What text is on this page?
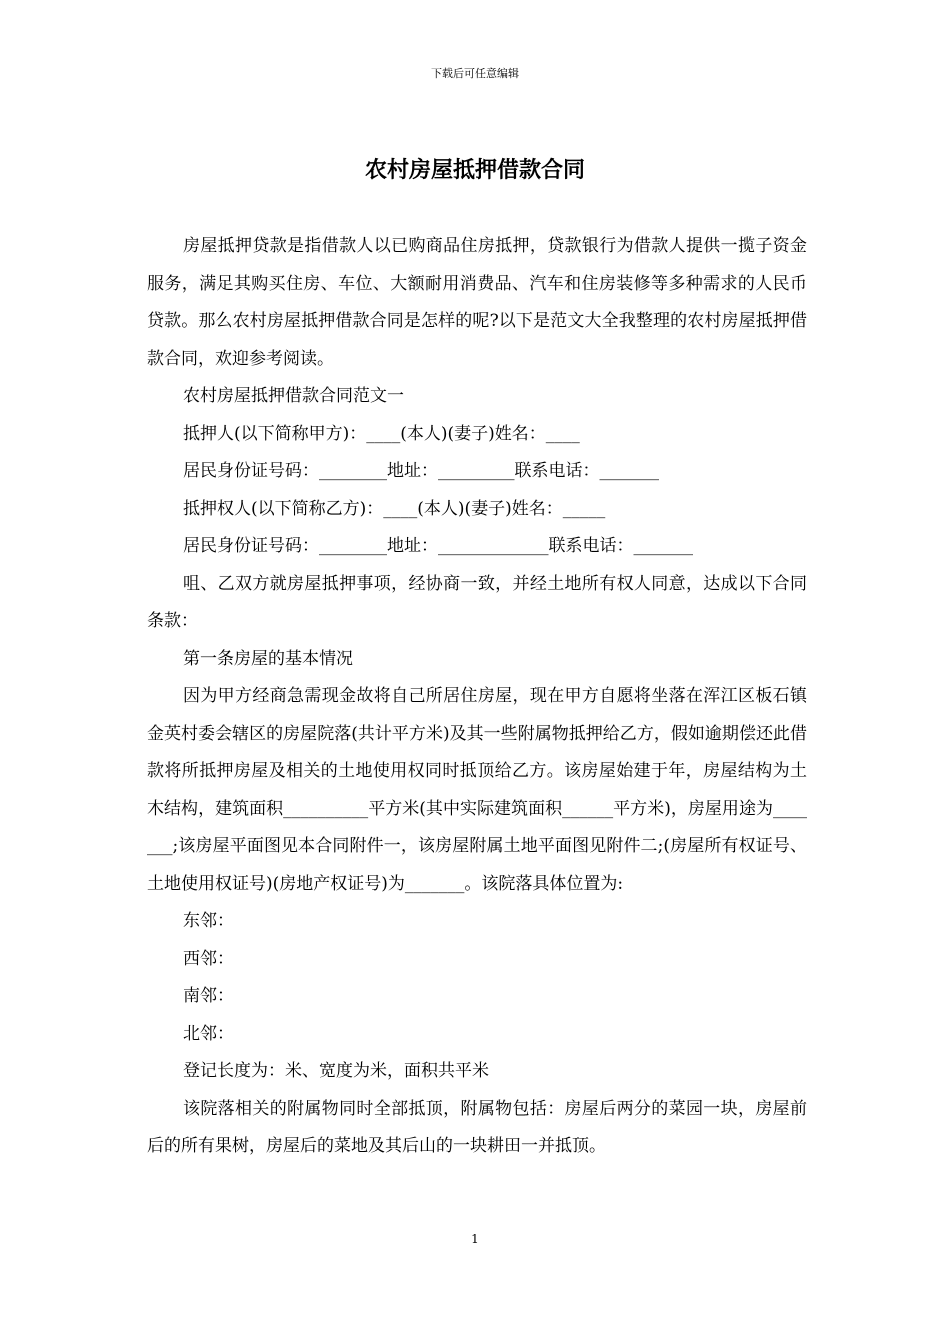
下载后可任意编辑
农村房屋抵押借款合同

房屋抵押贷款是指借款人以已购商品住房抵押，贷款银行为借款人提供一揽子资金服务，满足其购买住房、车位、大额耐用消费品、汽车和住房装修等多种需求的人民币贷款。那么农村房屋抵押借款合同是怎样的呢?以下是范文大全我整理的农村房屋抵押借款合同，欢迎参考阅读。

农村房屋抵押借款合同范文一

抵押人(以下简称甲方)：____(本人)(妻子)姓名：____

居民身份证号码：________地址：_________联系电话：_______

抵押权人(以下简称乙方)：____(本人)(妻子)姓名：_____

居民身份证号码：________地址：_____________联系电话：_______

咀、乙双方就房屋抵押事项，经协商一致，并经土地所有权人同意，达成以下合同条款：

第一条房屋的基本情况

因为甲方经商急需现金故将自己所居住房屋，现在甲方自愿将坐落在浑江区板石镇金英村委会辖区的房屋院落(共计平方米)及其一些附属物抵押给乙方，假如逾期偿还此借款将所抵押房屋及相关的土地使用权同时抵顶给乙方。该房屋始建于年，房屋结构为土木结构，建筑面积__________平方米(其中实际建筑面积______平方米)，房屋用途为_______;该房屋平面图见本合同附件一，该房屋附属土地平面图见附件二;(房屋所有权证号、土地使用权证号)(房地产权证号)为_______。该院落具体位置为:

东邻：

西邻：

南邻：

北邻：

登记长度为：米、宽度为米，面积共平米

该院落相关的附属物同时全部抵顶，附属物包括：房屋后两分的菜园一块，房屋前后的所有果树，房屋后的菜地及其后山的一块耕田一并抵顶。

1
